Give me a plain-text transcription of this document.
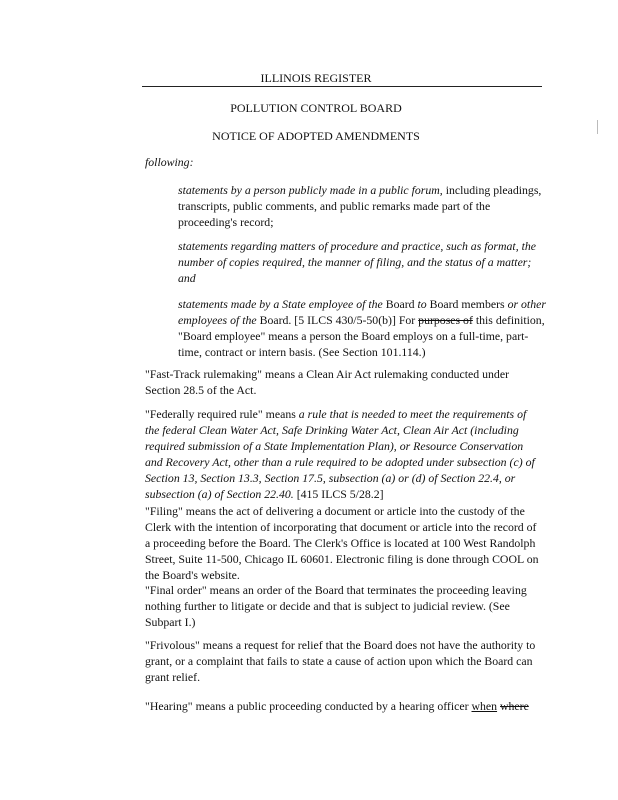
ILLINOIS REGISTER
POLLUTION CONTROL BOARD
NOTICE OF ADOPTED AMENDMENTS

following:

statements by a person publicly made in a public forum, including pleadings, transcripts, public comments, and public remarks made part of the proceeding's record;

statements regarding matters of procedure and practice, such as format, the number of copies required, the manner of filing, and the status of a matter; and

statements made by a State employee of the Board to Board members or other employees of the Board. [5 ILCS 430/5-50(b)] For purposes of this definition, "Board employee" means a person the Board employs on a full-time, part-time, contract or intern basis. (See Section 101.114.)

"Fast-Track rulemaking" means a Clean Air Act rulemaking conducted under Section 28.5 of the Act.

"Federally required rule" means a rule that is needed to meet the requirements of the federal Clean Water Act, Safe Drinking Water Act, Clean Air Act (including required submission of a State Implementation Plan), or Resource Conservation and Recovery Act, other than a rule required to be adopted under subsection (c) of Section 13, Section 13.3, Section 17.5, subsection (a) or (d) of Section 22.4, or subsection (a) of Section 22.40. [415 ILCS 5/28.2]

"Filing" means the act of delivering a document or article into the custody of the Clerk with the intention of incorporating that document or article into the record of a proceeding before the Board. The Clerk's Office is located at 100 West Randolph Street, Suite 11-500, Chicago IL 60601. Electronic filing is done through COOL on the Board's website.

"Final order" means an order of the Board that terminates the proceeding leaving nothing further to litigate or decide and that is subject to judicial review. (See Subpart I.)

"Frivolous" means a request for relief that the Board does not have the authority to grant, or a complaint that fails to state a cause of action upon which the Board can grant relief.

"Hearing" means a public proceeding conducted by a hearing officer when where
